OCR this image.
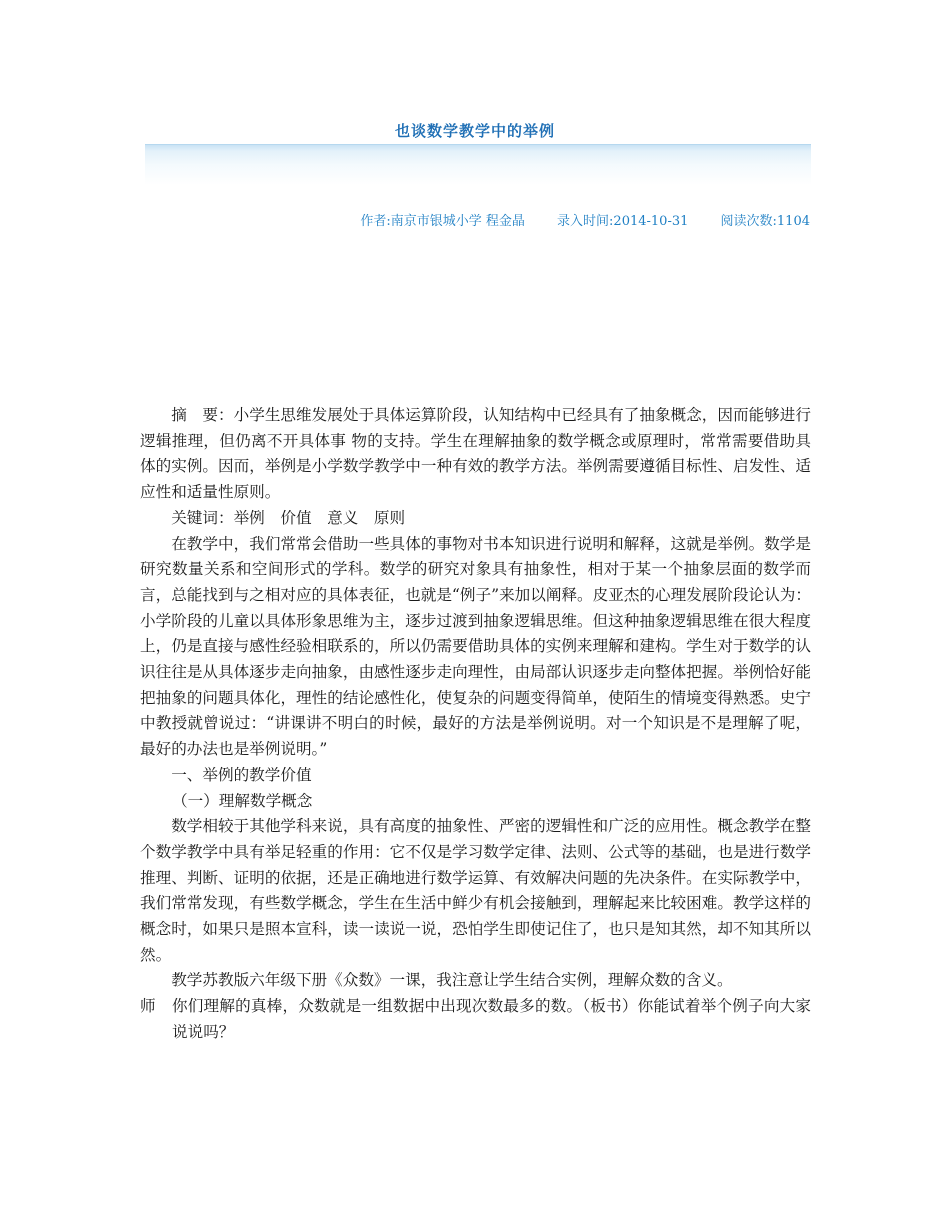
也谈数学教学中的举例
作者:南京市银城小学 程金晶 录入时间:2014-10-31 阅读次数:1104

摘　要：小学生思维发展处于具体运算阶段，认知结构中已经具有了抽象概念，因而能够进行逻辑推理，但仍离不开具体事 物的支持。学生在理解抽象的数学概念或原理时，常常需要借助具体的实例。因而，举例是小学数学教学中一种有效的教学方法。举例需要遵循目标性、启发性、适应性和适量性原则。

关键词：举例　价值　意义　原则

在教学中，我们常常会借助一些具体的事物对书本知识进行说明和解释，这就是举例。数学是研究数量关系和空间形式的学科。数学的研究对象具有抽象性，相对于某一个抽象层面的数学而言，总能找到与之相对应的具体表征，也就是“例子”来加以阐释。皮亚杰的心理发展阶段论认为：小学阶段的儿童以具体形象思维为主，逐步过渡到抽象逻辑思维。但这种抽象逻辑思维在很大程度上，仍是直接与感性经验相联系的，所以仍需要借助具体的实例来理解和建构。学生对于数学的认识往往是从具体逐步走向抽象，由感性逐步走向理性，由局部认识逐步走向整体把握。举例恰好能把抽象的问题具体化，理性的结论感性化，使复杂的问题变得简单，使陌生的情境变得熟悉。史宁中教授就曾说过：“讲课讲不明白的时候，最好的方法是举例说明。对一个知识是不是理解了呢，最好的办法也是举例说明。”

一、举例的教学价值

（一）理解数学概念

数学相较于其他学科来说，具有高度的抽象性、严密的逻辑性和广泛的应用性。概念教学在整个数学教学中具有举足轻重的作用：它不仅是学习数学定律、法则、公式等的基础，也是进行数学推理、判断、证明的依据，还是正确地进行数学运算、有效解决问题的先决条件。在实际教学中，我们常常发现，有些数学概念，学生在生活中鲜少有机会接触到，理解起来比较困难。教学这样的概念时，如果只是照本宣科，读一读说一说，恐怕学生即使记住了，也只是知其然，却不知其所以然。

教学苏教版六年级下册《众数》一课，我注意让学生结合实例，理解众数的含义。

师 你们理解的真棒，众数就是一组数据中出现次数最多的数。（板书）你能试着举个例子向大家说说吗？
